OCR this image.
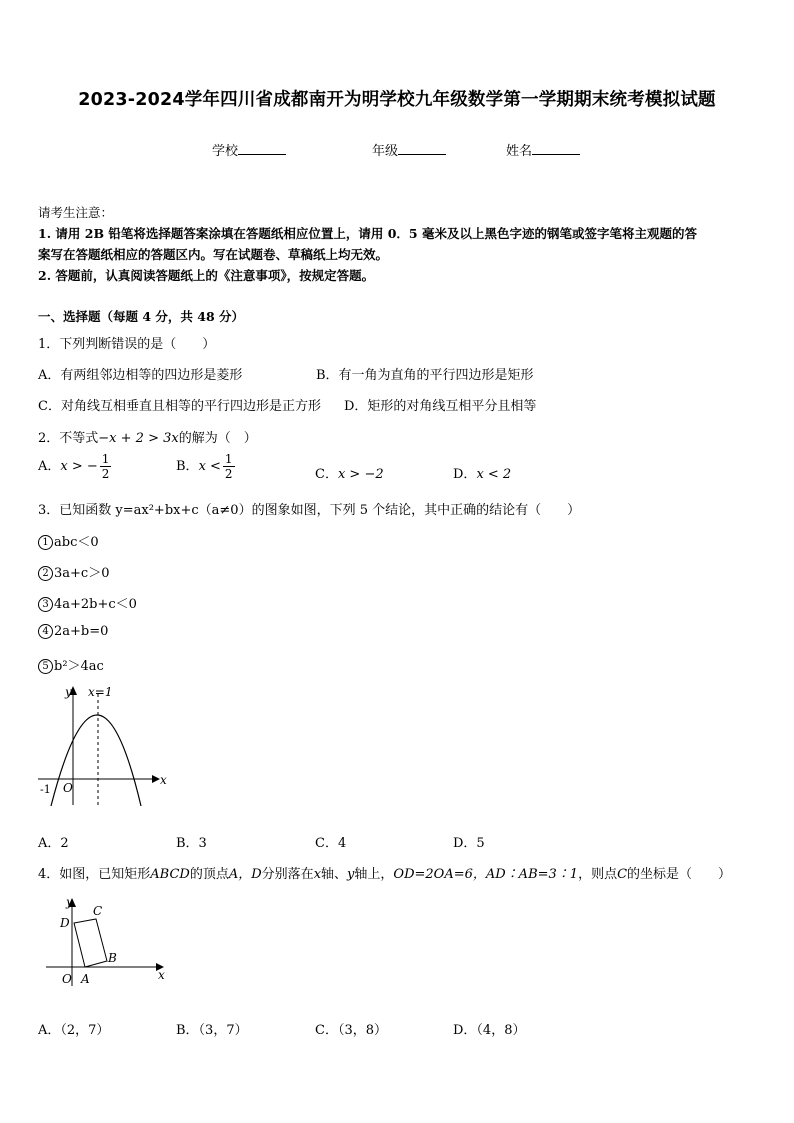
2023-2024学年四川省成都南开为明学校九年级数学第一学期期末统考模拟试题
学校	年级	姓名
请考生注意：
1. 请用 2B 铅笔将选择题答案涂填在答题纸相应位置上，请用 0．5 毫米及以上黑色字迹的钢笔或签字笔将主观题的答
案写在答题纸相应的答题区内。写在试题卷、草稿纸上均无效。
2. 答题前，认真阅读答题纸上的《注意事项》，按规定答题。
一、选择题（每题 4 分，共 48 分）
1．下列判断错误的是（　　）
A．有两组邻边相等的四边形是菱形	B．有一角为直角的平行四边形是矩形
C．对角线互相垂直且相等的平行四边形是正方形 D．矩形的对角线互相平分且相等
2．不等式−x + 2 > 3x的解为（　）
A．x > − $\frac{1}{2}$	B．$x < \frac{1}{2}$	C．x > −2	D．x < 2
3．已知函数 y=ax²+bx+c（a≠0）的图象如图，下列 5 个结论，其中正确的结论有（　　）
1 abc＜0
2 3a+c＞0
3 4a+2b+c＜0
4 2a+b=0
5 b²＞4ac
y x=1
x
O
-1
A．2	B．3	C．4	D．5
4．如图，已知矩形ABCD的顶点A，D分别落在x轴、y轴上，OD=2OA=6，AD∶AB=3∶1，则点C的坐标是（　　）
y
x
O A
B
C
D
A．（2，7）	B．（3，7）	C．（3，8）	D．（4，8）
